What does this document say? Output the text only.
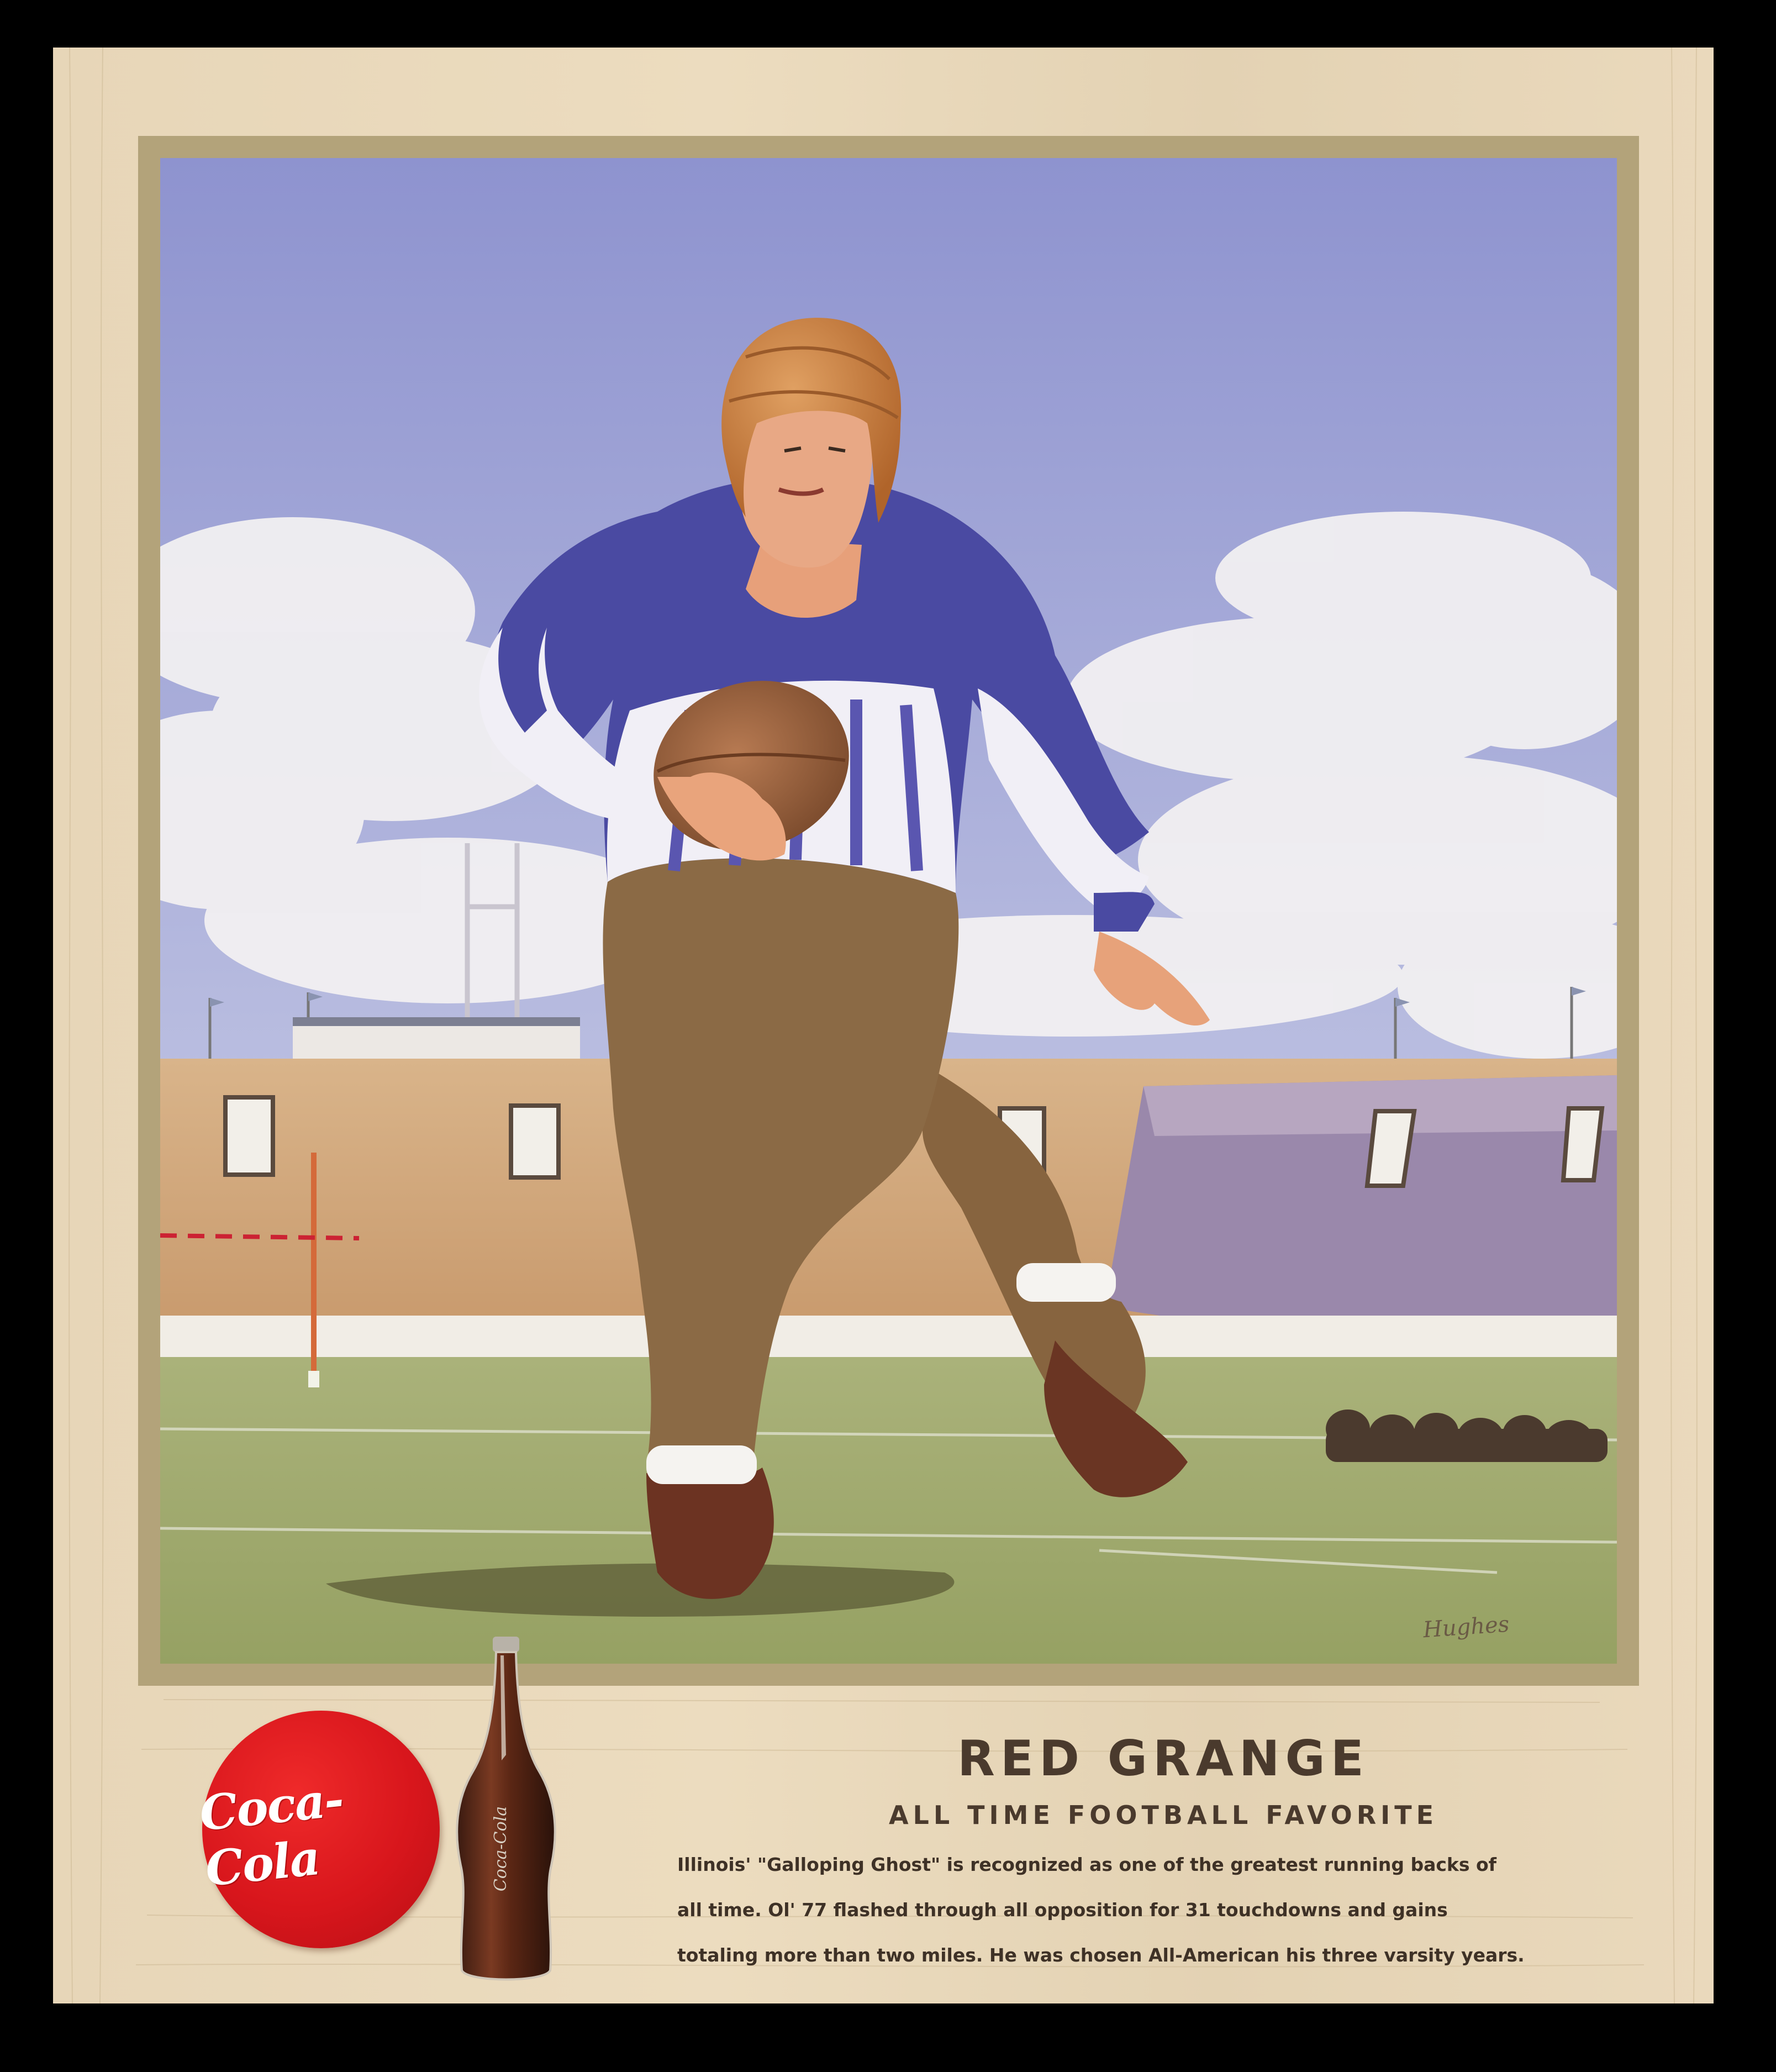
Hughes
Coca-Cola	Coca-Cola
RED GRANGE
ALL TIME FOOTBALL FAVORITE

Illinois' "Galloping Ghost" is recognized as one of the greatest running backs of
all time. Ol' 77 flashed through all opposition for 31 touchdowns and gains
totaling more than two miles. He was chosen All-American his three varsity years.
